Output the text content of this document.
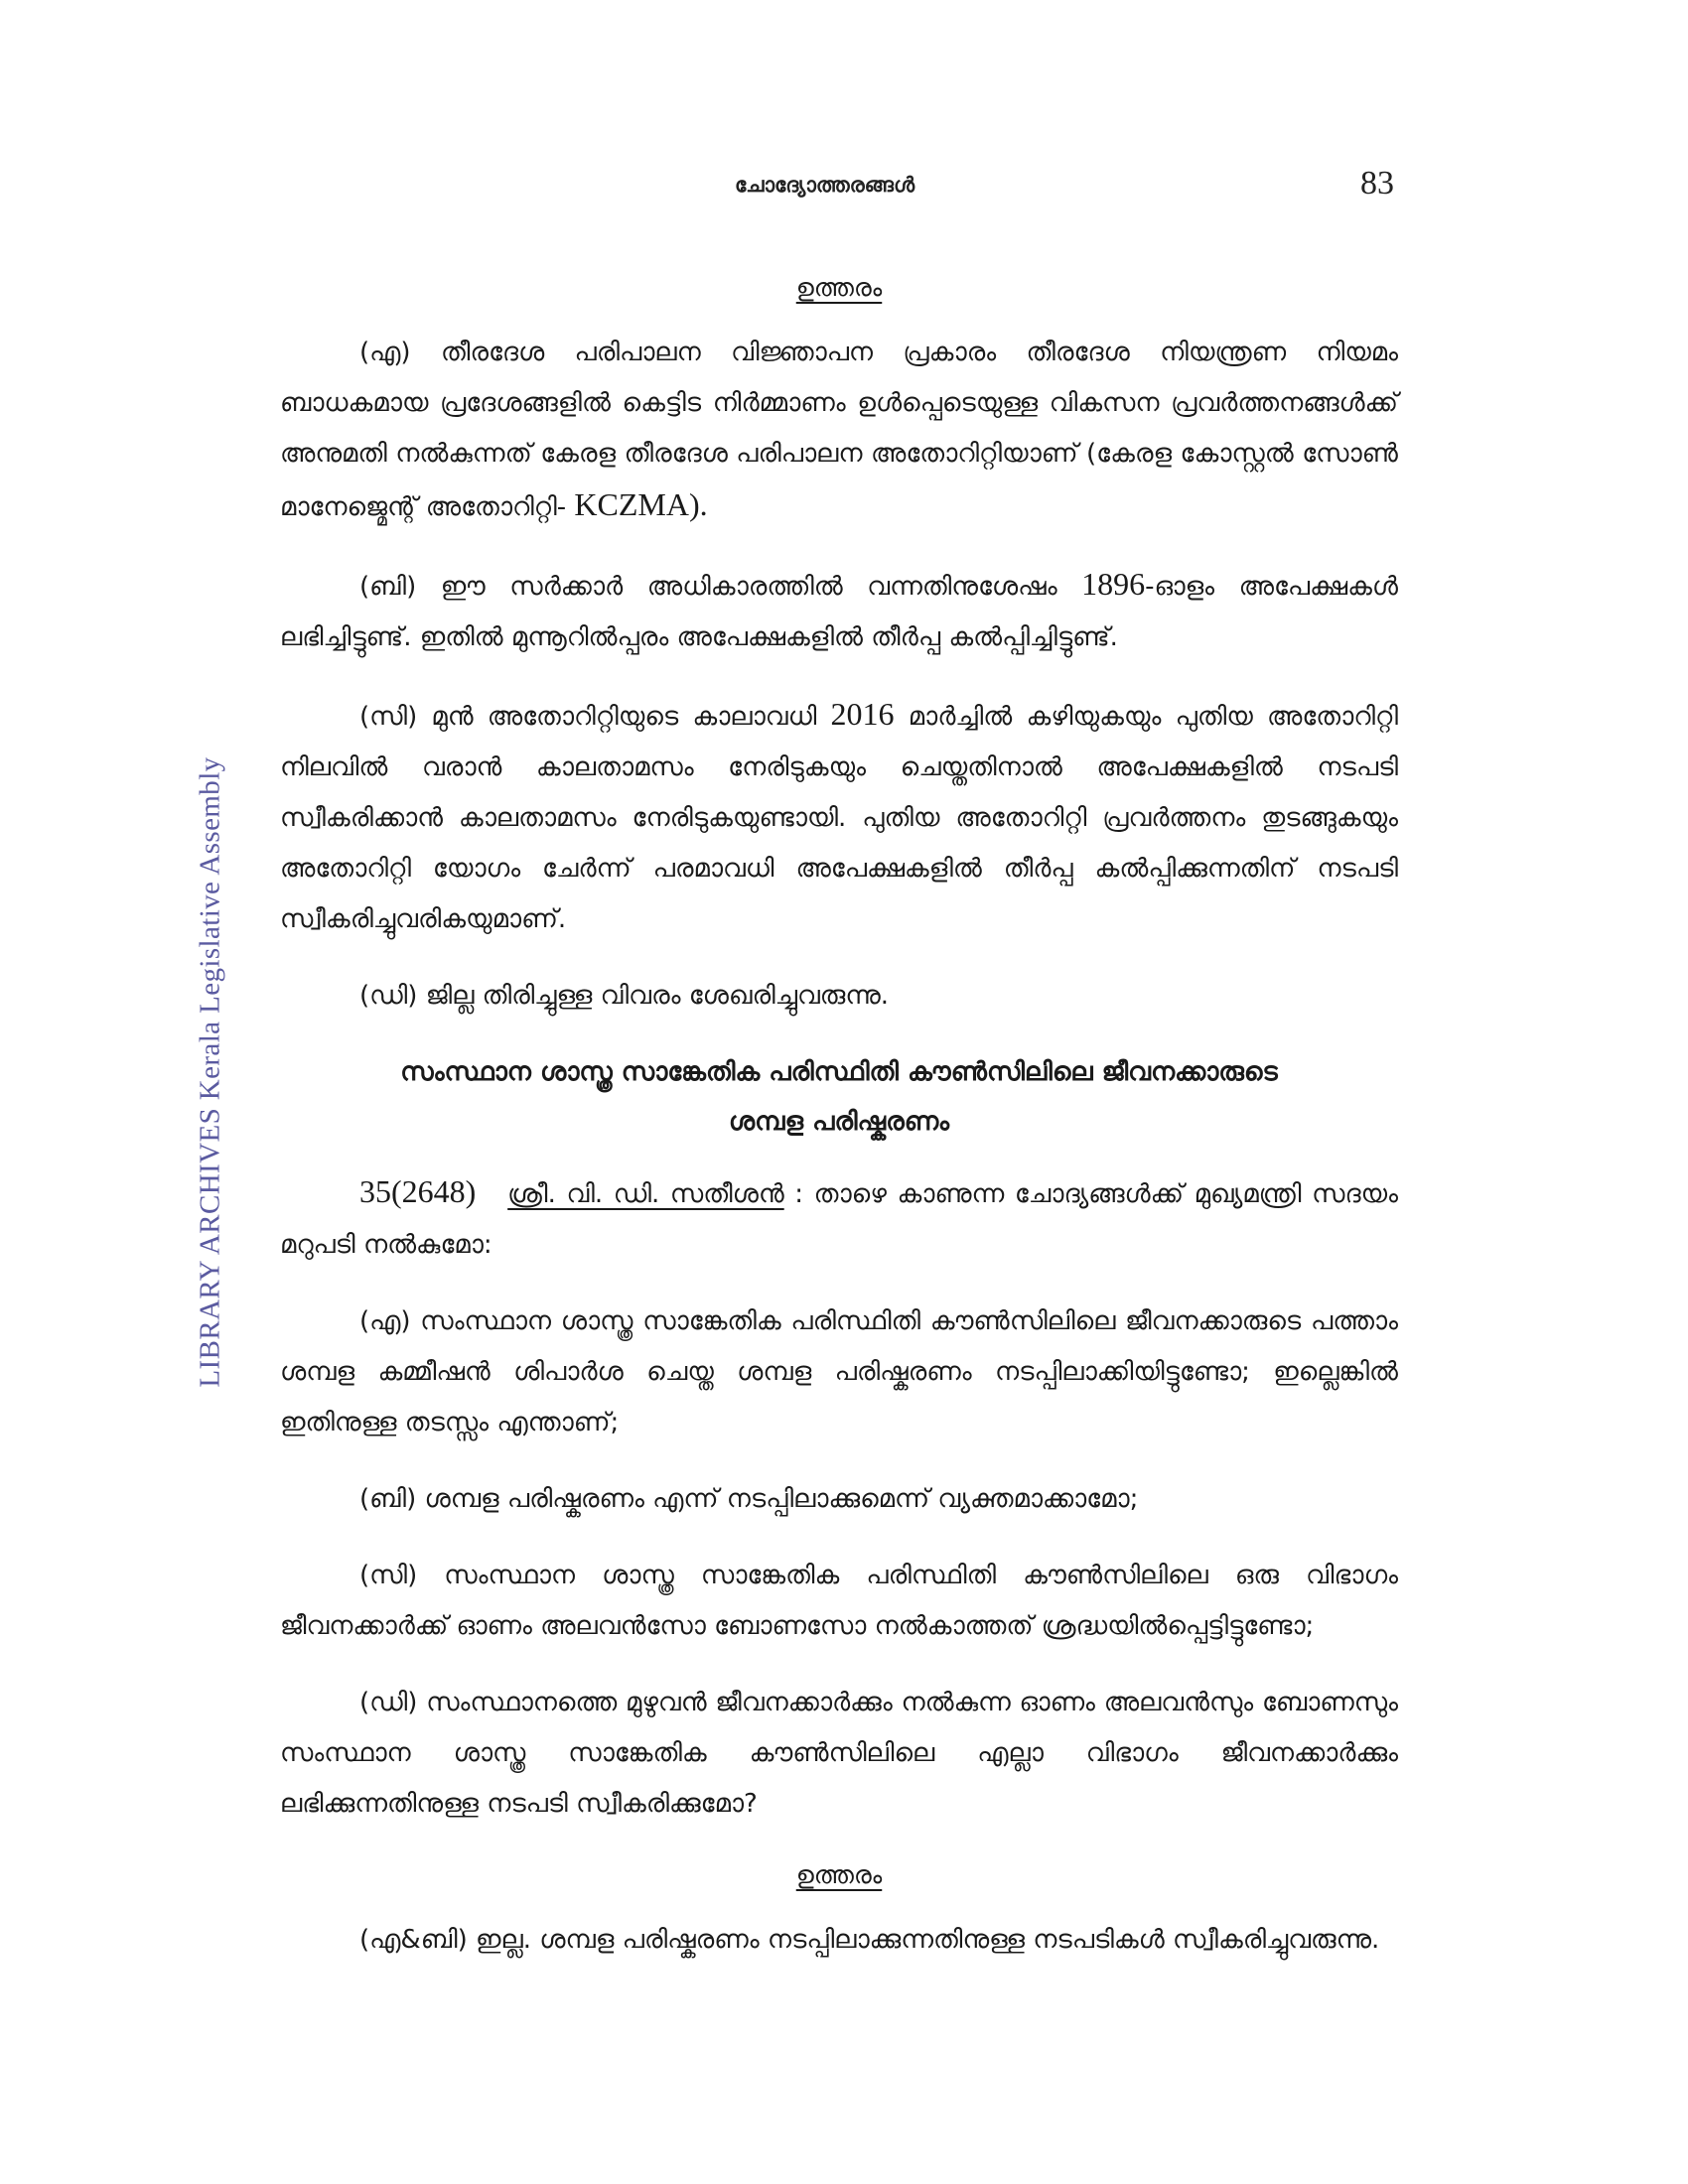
ചോദ്യോത്തരങ്ങൾ	83
LIBRARY ARCHIVES Kerala Legislative Assembly
ഉത്തരം

(എ) തീരദേശ പരിപാലന വിജ്ഞാപന പ്രകാരം തീരദേശ നിയന്ത്രണ നിയമം ബാധകമായ പ്രദേശങ്ങളിൽ കെട്ടിട നിർമ്മാണം ഉൾപ്പെടെയുള്ള വികസന പ്രവർത്തനങ്ങൾക്ക് അനുമതി നൽകുന്നത് കേരള തീരദേശ പരിപാലന അതോറിറ്റിയാണ് (കേരള കോസ്റ്റൽ സോൺ മാനേജ്മെന്റ് അതോറിറ്റി- KCZMA).

(ബി) ഈ സർക്കാർ അധികാരത്തിൽ വന്നതിനുശേഷം 1896-ഓളം അപേക്ഷകൾ ലഭിച്ചിട്ടുണ്ട്. ഇതിൽ മുന്നൂറിൽപ്പരം അപേക്ഷകളിൽ തീർപ്പ കൽപ്പിച്ചിട്ടുണ്ട്.

(സി) മുൻ അതോറിറ്റിയുടെ കാലാവധി 2016 മാർച്ചിൽ കഴിയുകയും പുതിയ അതോറിറ്റി നിലവിൽ വരാൻ കാലതാമസം നേരിടുകയും ചെയ്തതിനാൽ അപേക്ഷകളിൽ നടപടി സ്വീകരിക്കാൻ കാലതാമസം നേരിടുകയുണ്ടായി. പുതിയ അതോറിറ്റി പ്രവർത്തനം തുടങ്ങുകയും അതോറിറ്റി യോഗം ചേർന്ന് പരമാവധി അപേക്ഷകളിൽ തീർപ്പ കൽപ്പിക്കുന്നതിന് നടപടി സ്വീകരിച്ചുവരികയുമാണ്.

(ഡി) ജില്ല തിരിച്ചുള്ള വിവരം ശേഖരിച്ചുവരുന്നു.

സംസ്ഥാന ശാസ്ത്ര സാങ്കേതിക പരിസ്ഥിതി കൗൺസിലിലെ ജീവനക്കാരുടെ
ശമ്പള പരിഷ്കരണം

35(2648) ശ്രീ. വി. ഡി. സതീശൻ : താഴെ കാണുന്ന ചോദ്യങ്ങൾക്ക് മുഖ്യമന്ത്രി സദയം മറുപടി നൽകുമോ:

(എ) സംസ്ഥാന ശാസ്ത്ര സാങ്കേതിക പരിസ്ഥിതി കൗൺസിലിലെ ജീവനക്കാരുടെ പത്താം ശമ്പള കമ്മീഷൻ ശിപാർശ ചെയ്ത ശമ്പള പരിഷ്കരണം നടപ്പിലാക്കിയിട്ടുണ്ടോ; ഇല്ലെങ്കിൽ ഇതിനുള്ള തടസ്സം എന്താണ്;

(ബി) ശമ്പള പരിഷ്കരണം എന്ന് നടപ്പിലാക്കുമെന്ന് വ്യക്തമാക്കാമോ;

(സി) സംസ്ഥാന ശാസ്ത്ര സാങ്കേതിക പരിസ്ഥിതി കൗൺസിലിലെ ഒരു വിഭാഗം ജീവനക്കാർക്ക് ഓണം അലവൻസോ ബോണസോ നൽകാത്തത് ശ്രദ്ധയിൽപ്പെട്ടിട്ടുണ്ടോ;

(ഡി) സംസ്ഥാനത്തെ മുഴുവൻ ജീവനക്കാർക്കും നൽകുന്ന ഓണം അലവൻസും ബോണസും സംസ്ഥാന ശാസ്ത്ര സാങ്കേതിക കൗൺസിലിലെ എല്ലാ വിഭാഗം ജീവനക്കാർക്കും ലഭിക്കുന്നതിനുള്ള നടപടി സ്വീകരിക്കുമോ?

ഉത്തരം

(എ&ബി) ഇല്ല. ശമ്പള പരിഷ്കരണം നടപ്പിലാക്കുന്നതിനുള്ള നടപടികൾ സ്വീകരിച്ചുവരുന്നു.
